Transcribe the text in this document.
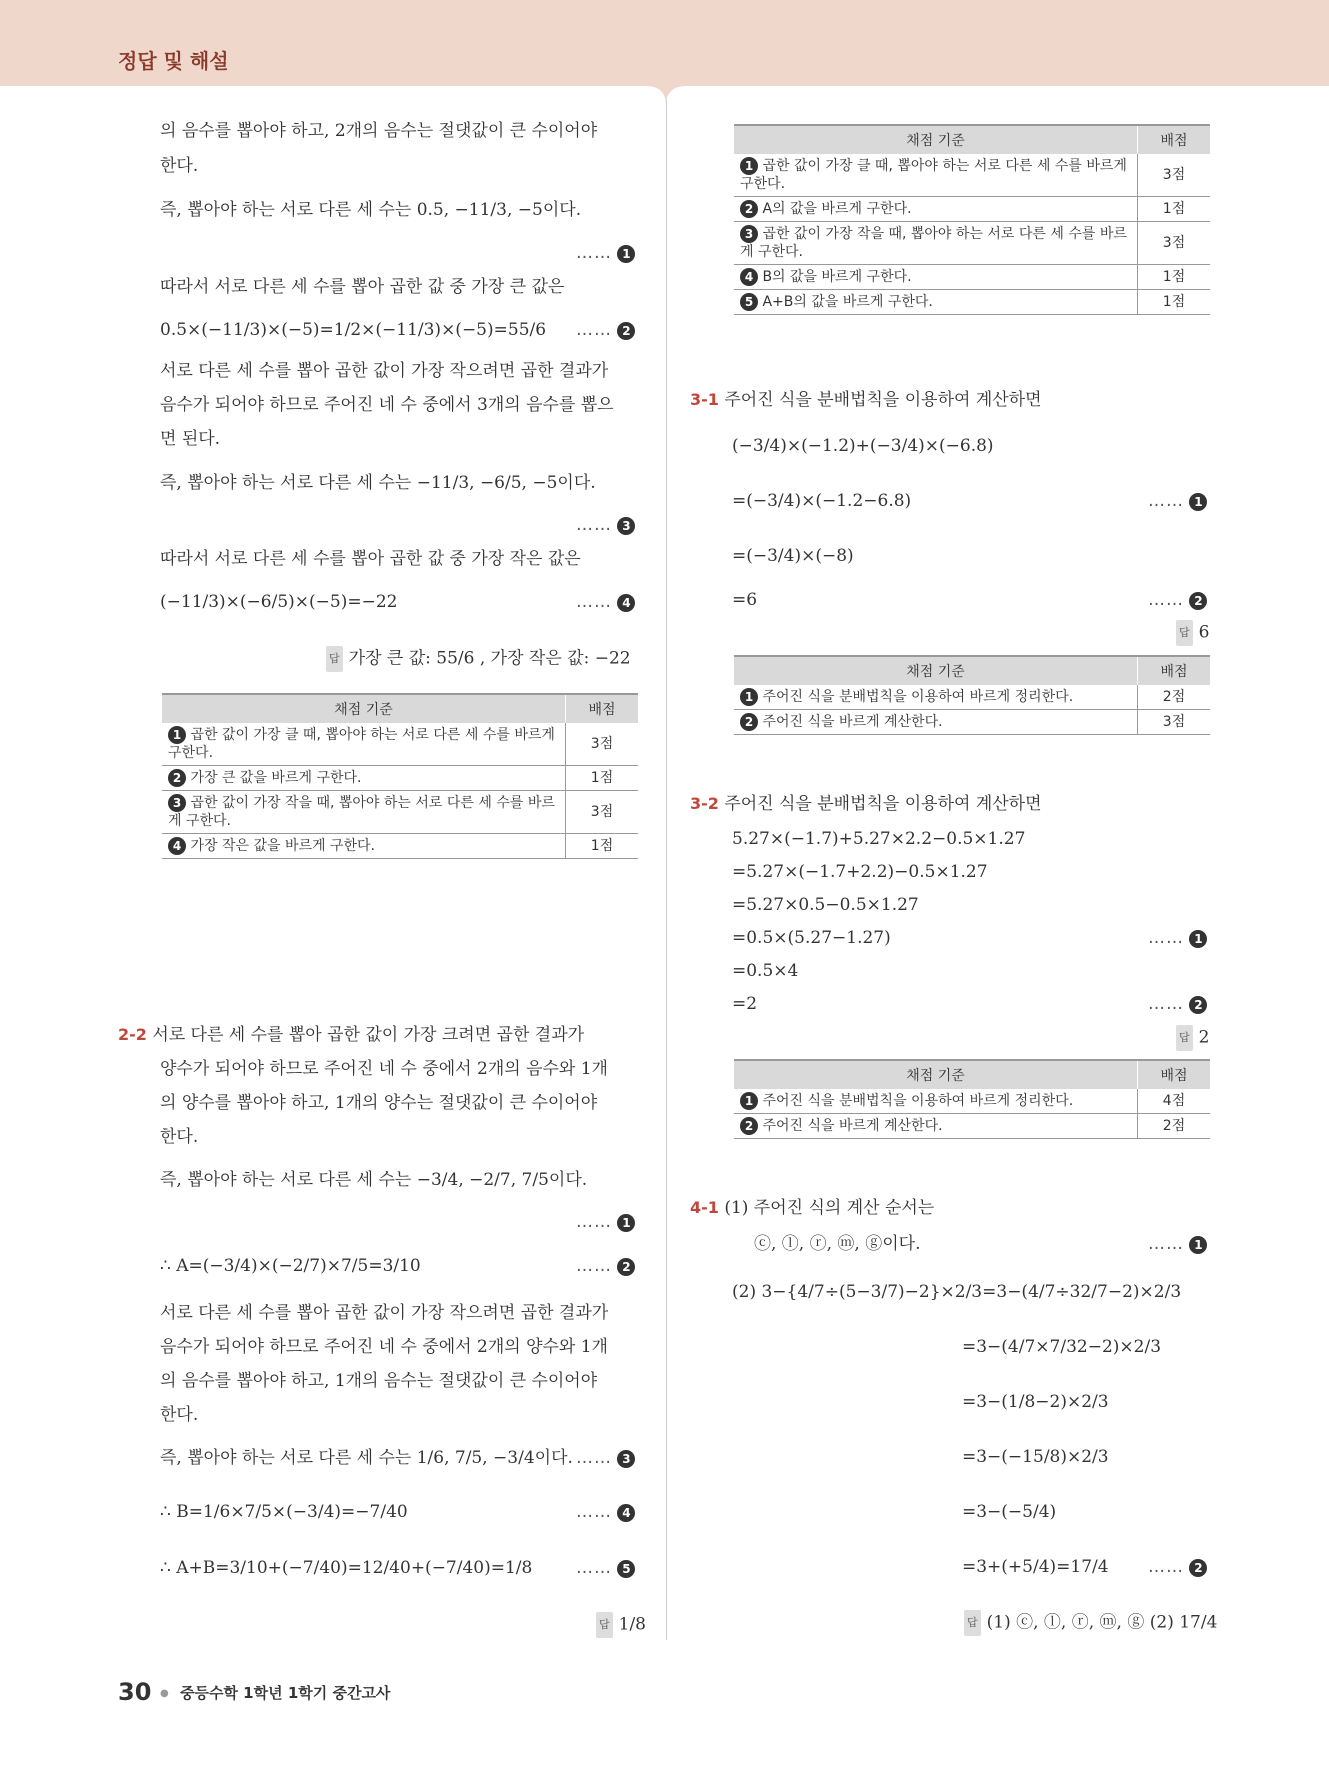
정답 및 해설
의 음수를 뽑아야 하고, 2개의 음수는 절댓값이 큰 수이어야
한다.
즉, 뽑아야 하는 서로 다른 세 수는 0.5, −11/3, −5이다.
…… 1
따라서 서로 다른 세 수를 뽑아 곱한 값 중 가장 큰 값은
0.5×(−11/3)×(−5)=1/2×(−11/3)×(−5)=55/6 …… 2
서로 다른 세 수를 뽑아 곱한 값이 가장 작으려면 곱한 결과가
음수가 되어야 하므로 주어진 네 수 중에서 3개의 음수를 뽑으
면 된다.
즉, 뽑아야 하는 서로 다른 세 수는 −11/3, −6/5, −5이다.
…… 3
따라서 서로 다른 세 수를 뽑아 곱한 값 중 가장 작은 값은
(−11/3)×(−6/5)×(−5)=−22	…… 4
답 가장 큰 값: 55/6 , 가장 작은 값: −22
채점 기준	배점
1 곱한 값이 가장 클 때, 뽑아야 하는 서로 다른 세 수를 바르게 구한다.	3점
2 가장 큰 값을 바르게 구한다.	1점
3 곱한 값이 가장 작을 때, 뽑아야 하는 서로 다른 세 수를 바르게 구한다.	3점
4 가장 작은 값을 바르게 구한다.	1점
2-2 서로 다른 세 수를 뽑아 곱한 값이 가장 크려면 곱한 결과가
양수가 되어야 하므로 주어진 네 수 중에서 2개의 음수와 1개
의 양수를 뽑아야 하고, 1개의 양수는 절댓값이 큰 수이어야
한다.
즉, 뽑아야 하는 서로 다른 세 수는 −3/4, −2/7, 7/5이다.
…… 1
∴ A=(−3/4)×(−2/7)×7/5=3/10	…… 2
서로 다른 세 수를 뽑아 곱한 값이 가장 작으려면 곱한 결과가
음수가 되어야 하므로 주어진 네 수 중에서 2개의 양수와 1개
의 음수를 뽑아야 하고, 1개의 음수는 절댓값이 큰 수이어야
한다.
즉, 뽑아야 하는 서로 다른 세 수는 1/6, 7/5, −3/4이다. …… 3
∴ B=1/6×7/5×(−3/4)=−7/40	…… 4
∴ A+B=3/10+(−7/40)=12/40+(−7/40)=1/8	…… 5
답 1/8
채점 기준	배점
1 곱한 값이 가장 클 때, 뽑아야 하는 서로 다른 세 수를 바르게 구한다.	3점
2 A의 값을 바르게 구한다.	1점
3 곱한 값이 가장 작을 때, 뽑아야 하는 서로 다른 세 수를 바르게 구한다.	3점
4 B의 값을 바르게 구한다.	1점
5 A+B의 값을 바르게 구한다.	1점
3-1 주어진 식을 분배법칙을 이용하여 계산하면
(−3/4)×(−1.2)+(−3/4)×(−6.8)
=(−3/4)×(−1.2−6.8)	…… 1
=(−3/4)×(−8)
=6	…… 2
답 6
채점 기준	배점
1 주어진 식을 분배법칙을 이용하여 바르게 정리한다.	2점
2 주어진 식을 바르게 계산한다.	3점
3-2 주어진 식을 분배법칙을 이용하여 계산하면
5.27×(−1.7)+5.27×2.2−0.5×1.27
=5.27×(−1.7+2.2)−0.5×1.27
=5.27×0.5−0.5×1.27
=0.5×(5.27−1.27)	…… 1
=0.5×4
=2	…… 2
답 2
채점 기준	배점
1 주어진 식을 분배법칙을 이용하여 바르게 정리한다.	4점
2 주어진 식을 바르게 계산한다.	2점
4-1 (1) 주어진 식의 계산 순서는
ⓒ, ⓛ, ⓡ, ⓜ, ⓖ이다.	…… 1
(2) 3−{4/7÷(5−3/7)−2}×2/3=3−(4/7÷32/7−2)×2/3
=3−(4/7×7/32−2)×2/3
=3−(1/8−2)×2/3
=3−(−15/8)×2/3
=3−(−5/4)
=3+(+5/4)=17/4 …… 2
답 (1) ⓒ, ⓛ, ⓡ, ⓜ, ⓖ (2) 17/4
30 ● 중등수학 1학년 1학기 중간고사
